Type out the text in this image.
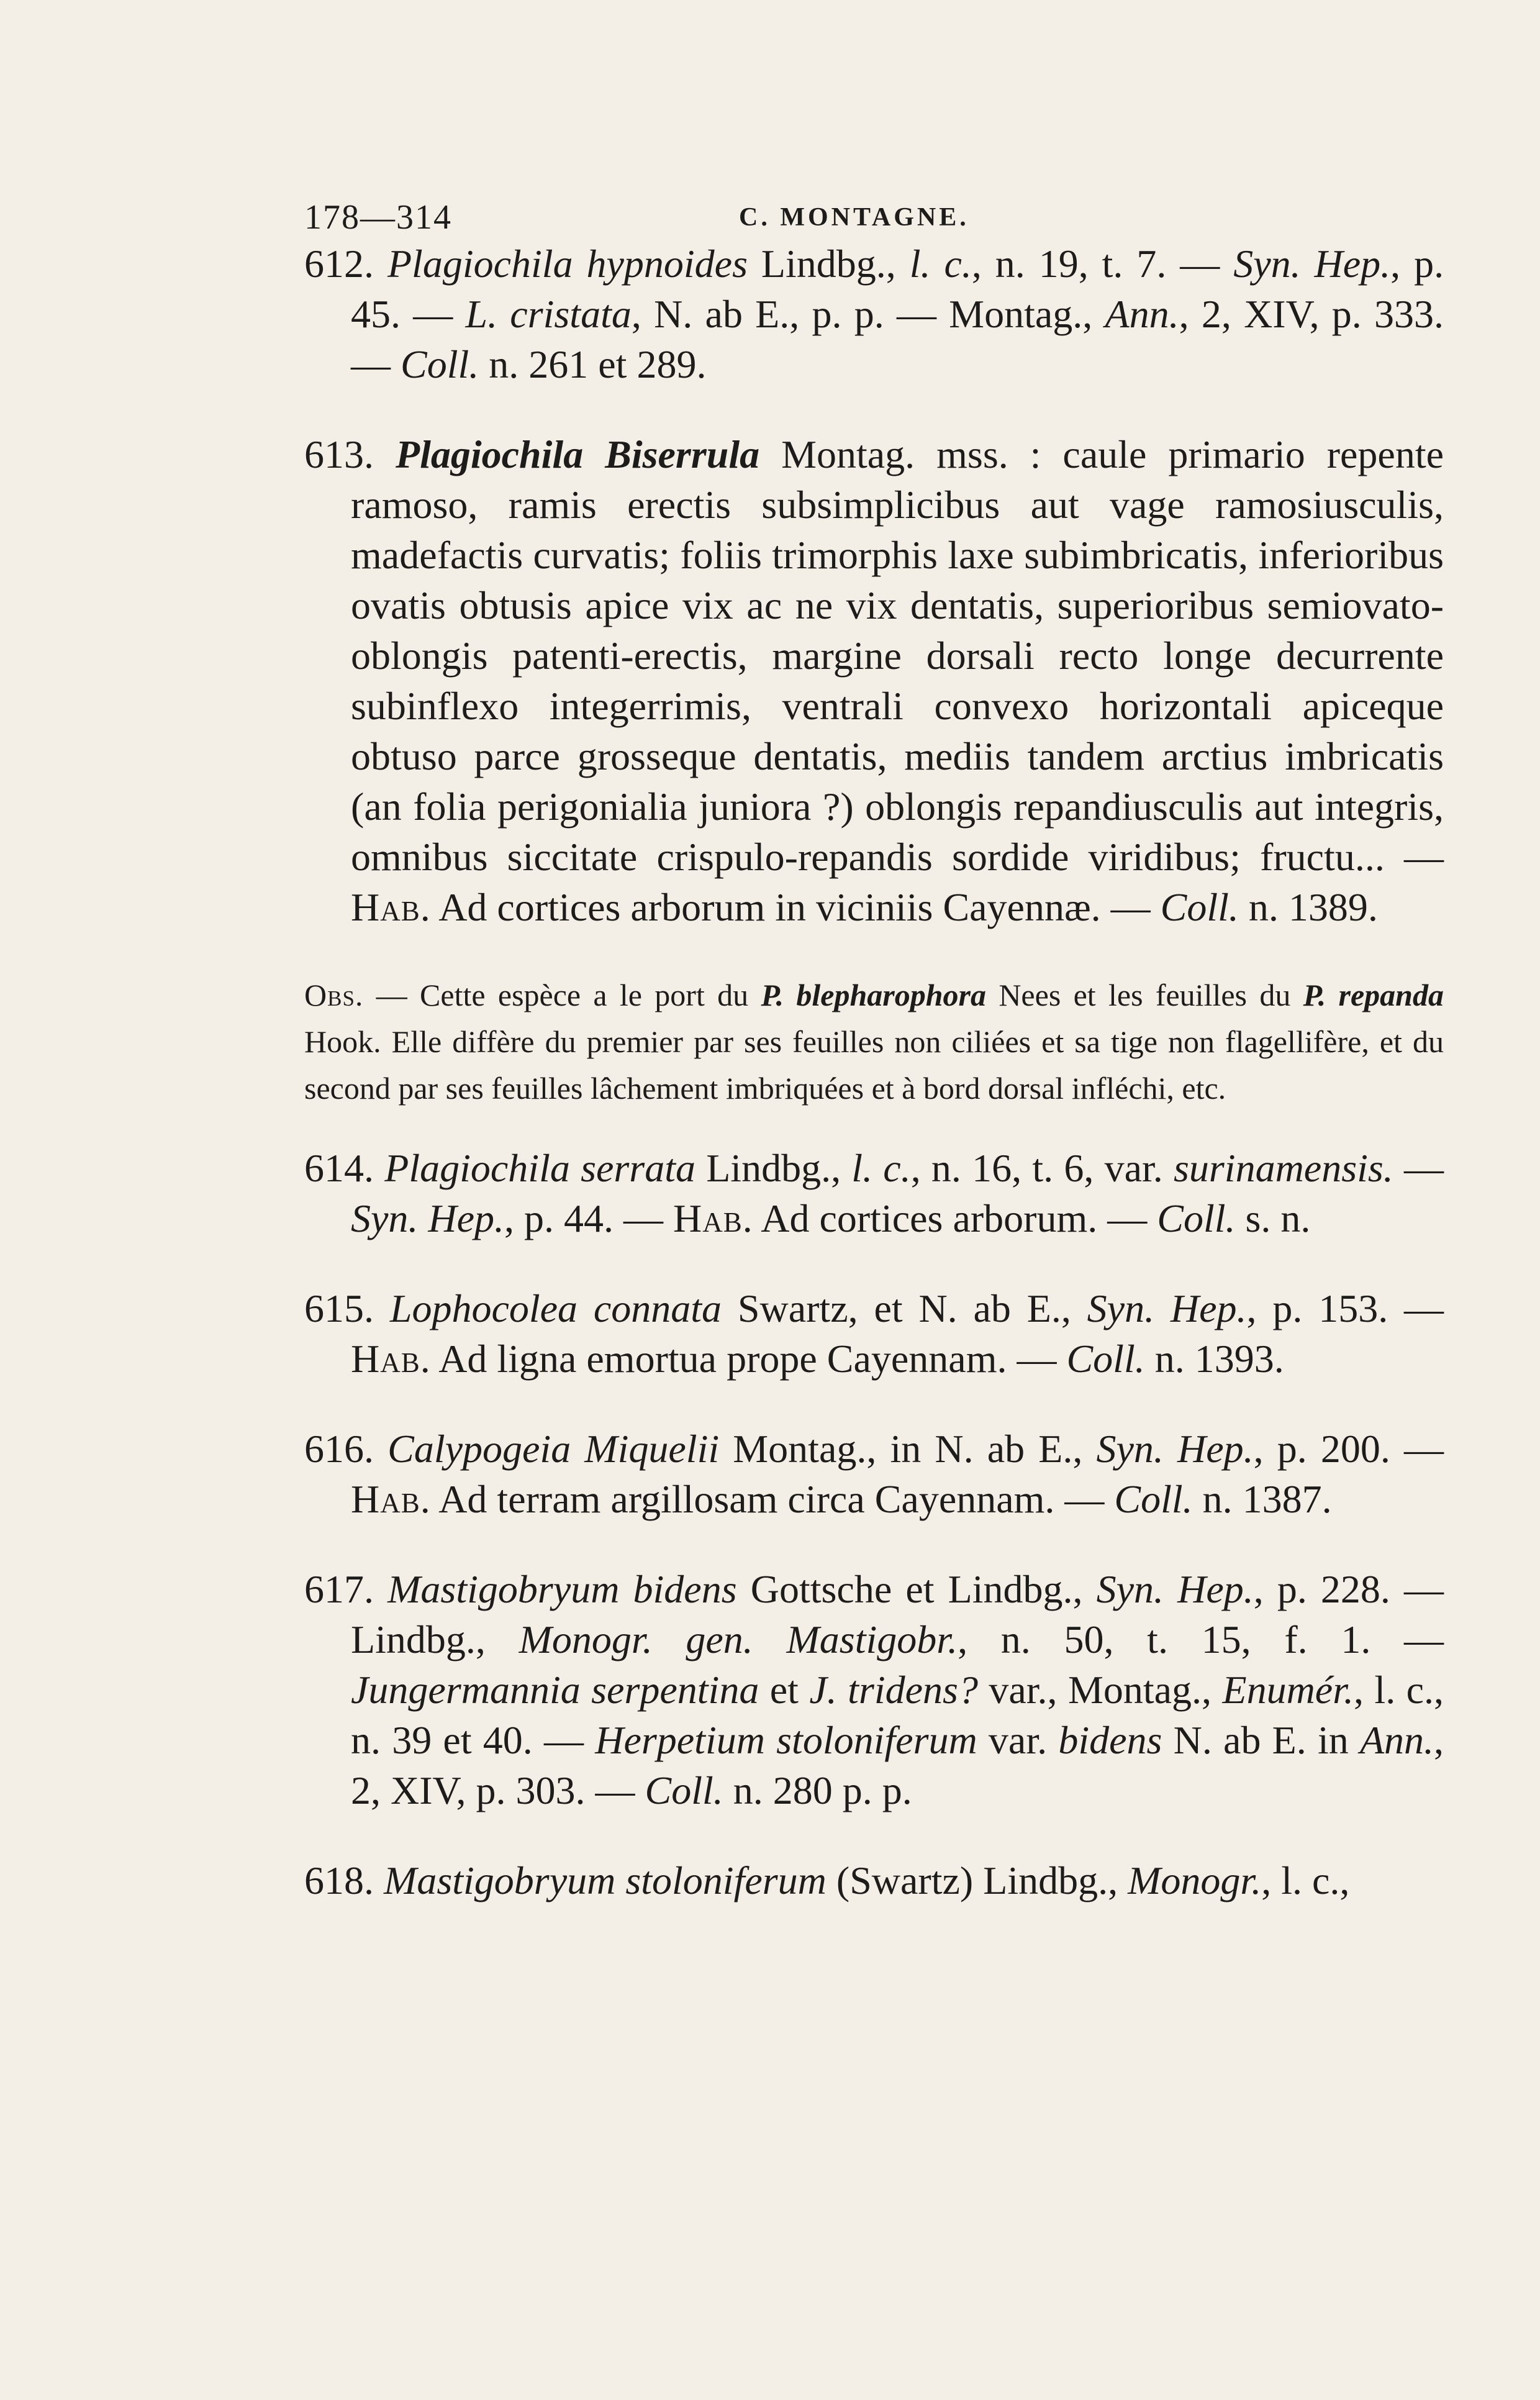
178—314	C. MONTAGNE.

612. Plagiochila hypnoides Lindbg., l. c., n. 19, t. 7. — Syn. Hep., p. 45. — L. cristata, N. ab E., p. p. — Montag., Ann., 2, XIV, p. 333. — Coll. n. 261 et 289.

613. Plagiochila Biserrula Montag. mss. : caule primario repente ramoso, ramis erectis subsimplicibus aut vage ramosiusculis, madefactis curvatis; foliis trimorphis laxe subimbricatis, inferioribus ovatis obtusis apice vix ac ne vix dentatis, superioribus semiovato-oblongis patenti-erectis, margine dorsali recto longe decurrente subinflexo integerrimis, ventrali convexo horizontali apiceque obtuso parce grosseque dentatis, mediis tandem arctius imbricatis (an folia perigonialia juniora ?) oblongis repandiusculis aut integris, omnibus siccitate crispulo-repandis sordide viridibus; fructu... — Hab. Ad cortices arborum in viciniis Cayennæ. — Coll. n. 1389.

Obs. — Cette espèce a le port du P. blepharophora Nees et les feuilles du P. repanda Hook. Elle diffère du premier par ses feuilles non ciliées et sa tige non flagellifère, et du second par ses feuilles lâchement imbriquées et à bord dorsal infléchi, etc.

614. Plagiochila serrata Lindbg., l. c., n. 16, t. 6, var. surinamensis. — Syn. Hep., p. 44. — Hab. Ad cortices arborum. — Coll. s. n.

615. Lophocolea connata Swartz, et N. ab E., Syn. Hep., p. 153. — Hab. Ad ligna emortua prope Cayennam. — Coll. n. 1393.

616. Calypogeia Miquelii Montag., in N. ab E., Syn. Hep., p. 200. — Hab. Ad terram argillosam circa Cayennam. — Coll. n. 1387.

617. Mastigobryum bidens Gottsche et Lindbg., Syn. Hep., p. 228. — Lindbg., Monogr. gen. Mastigobr., n. 50, t. 15, f. 1. — Jungermannia serpentina et J. tridens? var., Montag., Enumér., l. c., n. 39 et 40. — Herpetium stoloniferum var. bidens N. ab E. in Ann., 2, XIV, p. 303. — Coll. n. 280 p. p.

618. Mastigobryum stoloniferum (Swartz) Lindbg., Monogr., l. c.,
